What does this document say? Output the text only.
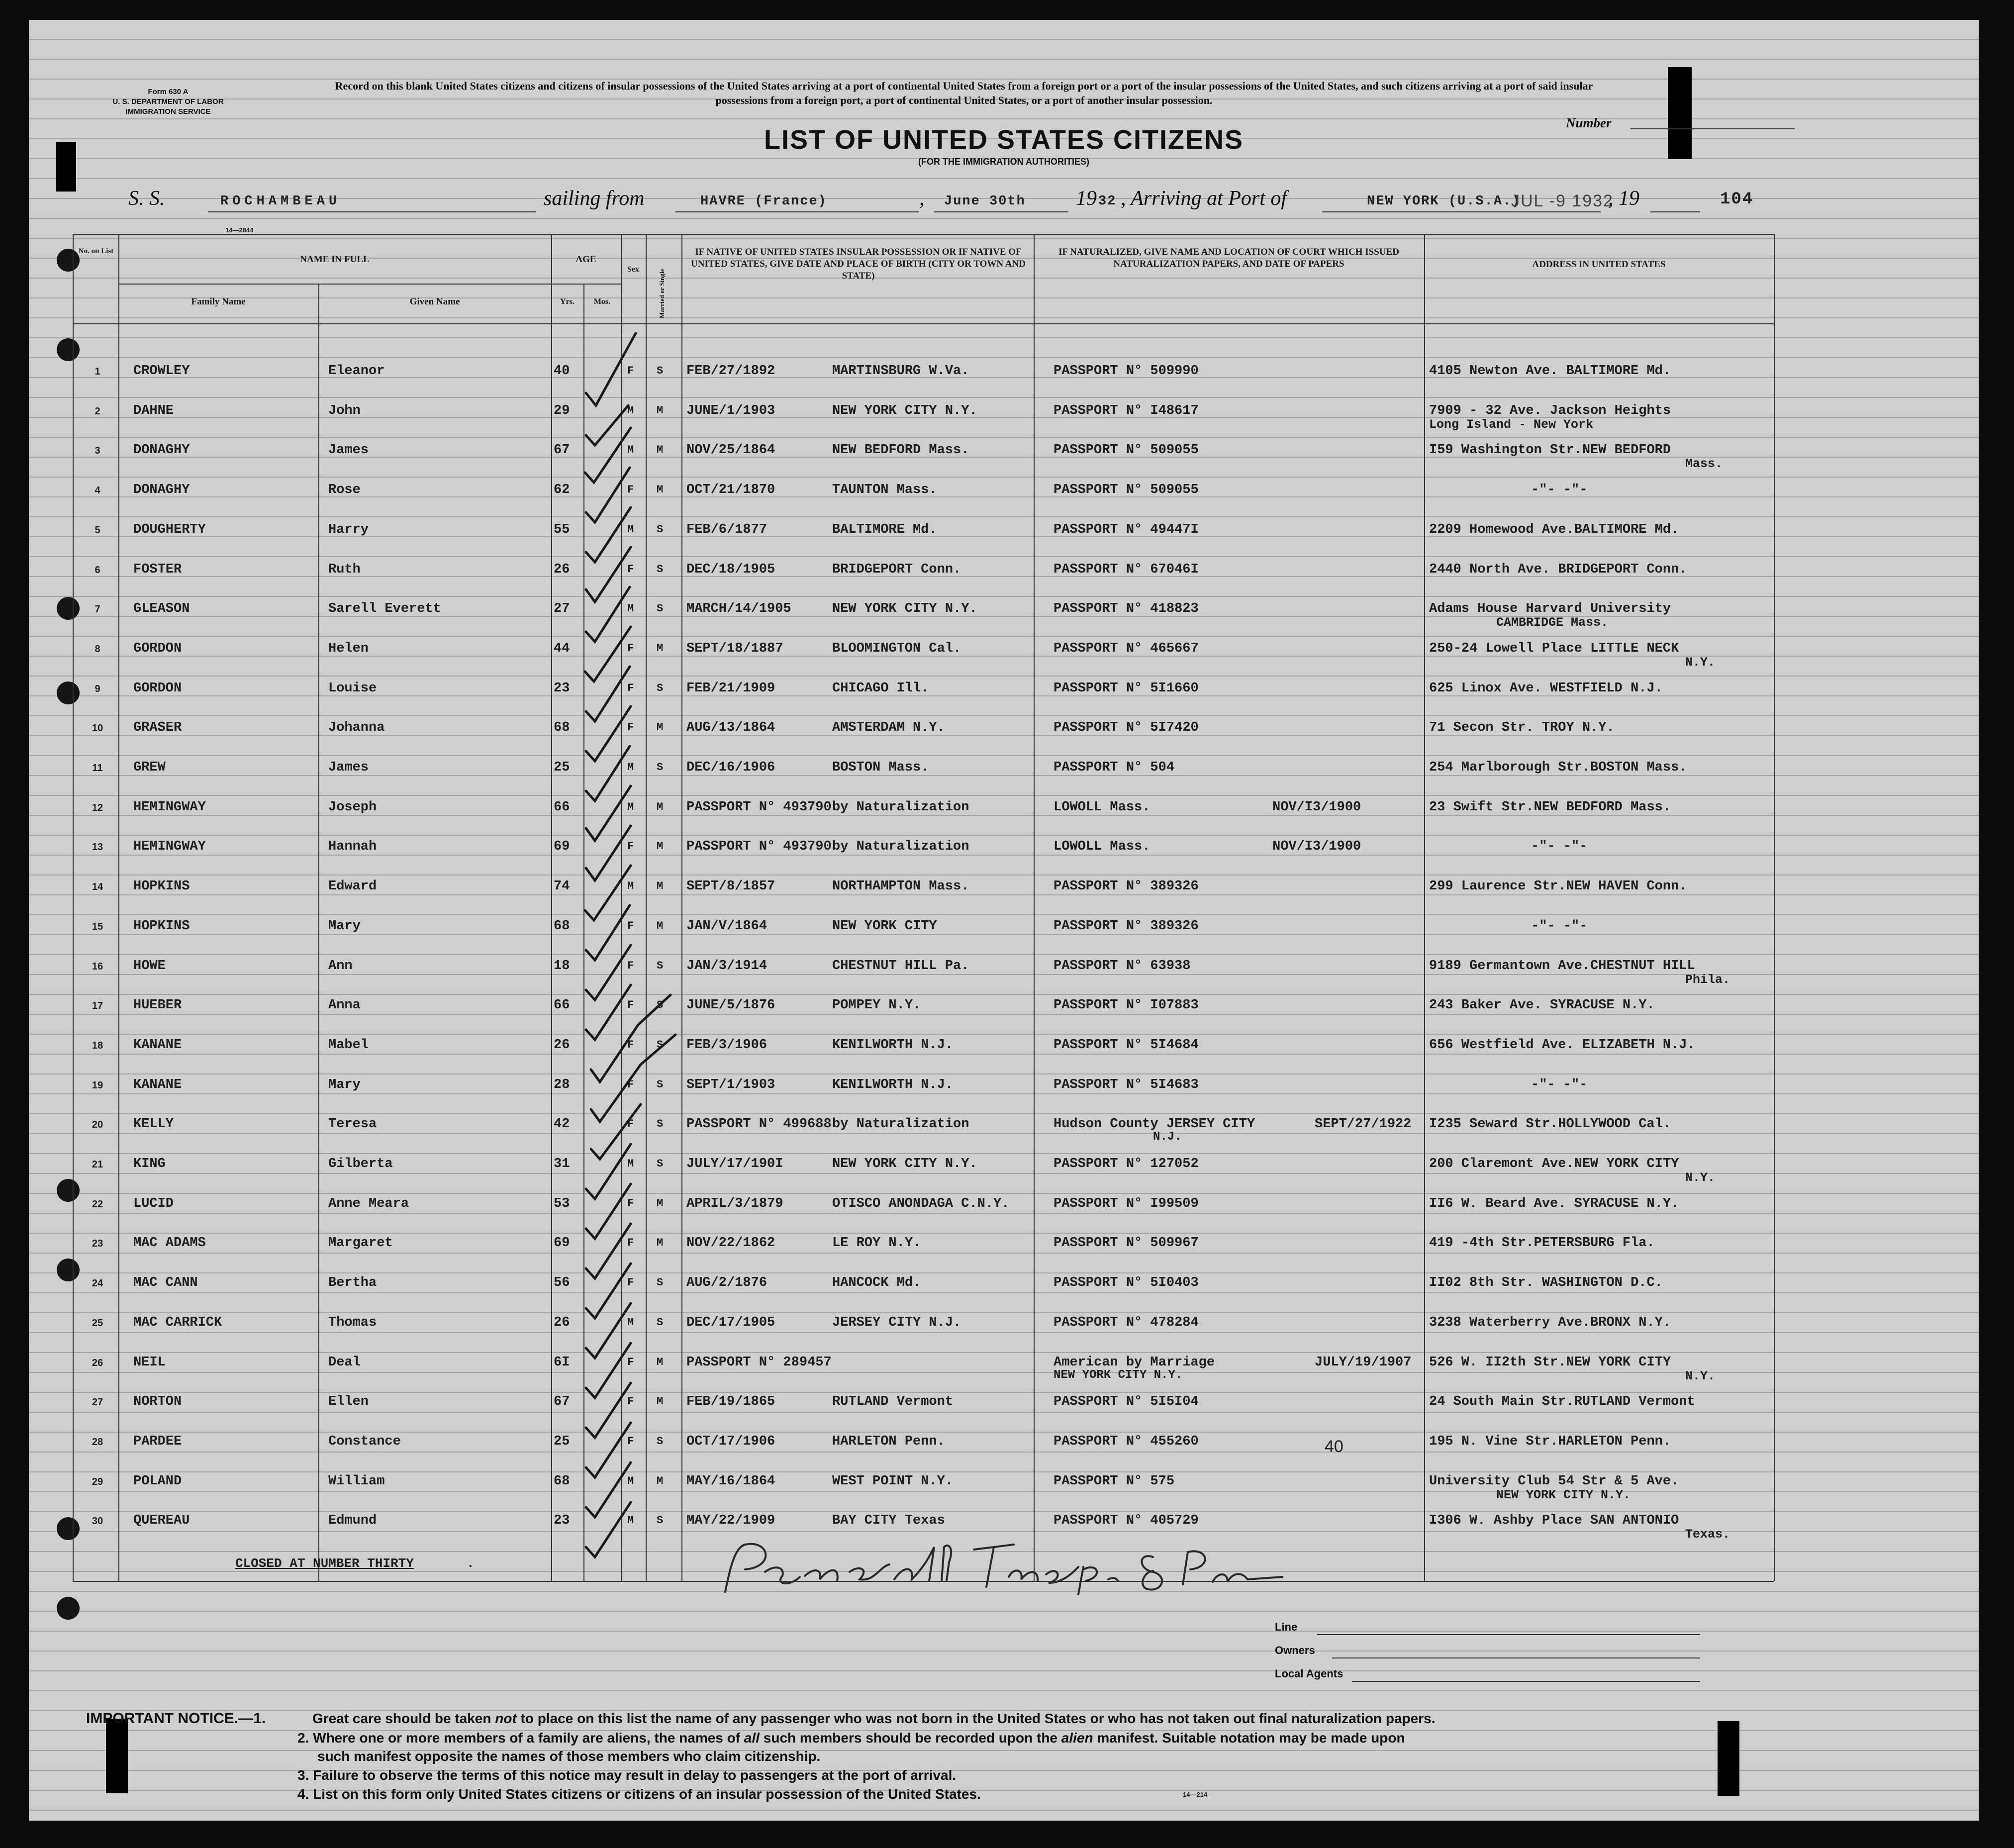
Form 630 A
U. S. DEPARTMENT OF LABOR
IMMIGRATION SERVICE
Record on this blank United States citizens and citizens of insular possessions of the United States arriving at a port of continental United States from a foreign port or a port of the insular possessions of the United States, and such citizens arriving at a port of said insular possessions from a foreign port, a port of continental United States, or a port of another insular possession.
Number
LIST OF UNITED STATES CITIZENS
(FOR THE IMMIGRATION AUTHORITIES)
S. S.	ROCHAMBEAU	sailing from	HAVRE (France)	, June 30th 19 32 , Arriving at Port of	NEW YORK (U.S.A.)
JUL -9 1932
, 19	104
14—2844
No. on List
NAME IN FULL
Family Name	Given Name
AGE
Yrs.	Mos.
Sex	Married or Single
IF NATIVE OF UNITED STATES INSULAR POSSESSION OR IF NATIVE OF UNITED STATES, GIVE DATE AND PLACE OF BIRTH (CITY OR TOWN AND STATE)
IF NATURALIZED, GIVE NAME AND LOCATION OF COURT WHICH ISSUED NATURALIZATION PAPERS, AND DATE OF PAPERS	ADDRESS IN UNITED STATES
1	CROWLEY	Eleanor	40	F S FEB/27/1892	MARTINSBURG W.Va.	PASSPORT N° 509990	4105 Newton Ave. BALTIMORE Md.
2	DAHNE	John	29	M M JUNE/1/1903	NEW YORK CITY N.Y.	PASSPORT N° I48617	7909 - 32 Ave. Jackson Heights
Long Island - New York
3	DONAGHY	James	67	M M NOV/25/1864	NEW BEDFORD Mass.	PASSPORT N° 509055	I59 Washington Str.NEW BEDFORD
Mass.
4	DONAGHY	Rose	62	F M OCT/21/1870	TAUNTON Mass.	PASSPORT N° 509055	-"- -"-
5	DOUGHERTY	Harry	55	M S FEB/6/1877	BALTIMORE Md.	PASSPORT N° 49447I	2209 Homewood Ave.BALTIMORE Md.
6	FOSTER	Ruth	26	F S DEC/18/1905	BRIDGEPORT Conn.	PASSPORT N° 67046I	2440 North Ave. BRIDGEPORT Conn.
7	GLEASON	Sarell Everett	27	M S MARCH/14/1905	NEW YORK CITY N.Y.	PASSPORT N° 418823	Adams House Harvard University
CAMBRIDGE Mass.
8	GORDON	Helen	44	F M SEPT/18/1887	BLOOMINGTON Cal.	PASSPORT N° 465667	250-24 Lowell Place LITTLE NECK
N.Y.
9	GORDON	Louise	23	F S FEB/21/1909	CHICAGO Ill.	PASSPORT N° 5I1660	625 Linox Ave. WESTFIELD N.J.
10	GRASER	Johanna	68	F M AUG/13/1864	AMSTERDAM N.Y.	PASSPORT N° 5I7420	71 Secon Str. TROY N.Y.
11	GREW	James	25	M S DEC/16/1906	BOSTON Mass.	PASSPORT N° 504	254 Marlborough Str.BOSTON Mass.
12	HEMINGWAY	Joseph	66	M M PASSPORT N° 493790 by Naturalization	LOWOLL Mass.	NOV/I3/1900	23 Swift Str.NEW BEDFORD Mass.
13	HEMINGWAY	Hannah	69	F M PASSPORT N° 493790 by Naturalization	LOWOLL Mass.	NOV/I3/1900	-"- -"-
14	HOPKINS	Edward	74	M M SEPT/8/1857	NORTHAMPTON Mass.	PASSPORT N° 389326	299 Laurence Str.NEW HAVEN Conn.
15	HOPKINS	Mary	68	F M JAN/V/1864	NEW YORK CITY	PASSPORT N° 389326	-"- -"-
16	HOWE	Ann	18	F S JAN/3/1914	CHESTNUT HILL Pa.	PASSPORT N° 63938	9189 Germantown Ave.CHESTNUT HILL
Phila.
17	HUEBER	Anna	66	F S JUNE/5/1876	POMPEY N.Y.	PASSPORT N° I07883	243 Baker Ave. SYRACUSE N.Y.
18	KANANE	Mabel	26	F S FEB/3/1906	KENILWORTH N.J.	PASSPORT N° 5I4684	656 Westfield Ave. ELIZABETH N.J.
19	KANANE	Mary	28	F S SEPT/1/1903	KENILWORTH N.J.	PASSPORT N° 5I4683	-"- -"-
20	KELLY	Teresa	42	F S PASSPORT N° 499688 by Naturalization	Hudson County JERSEY CITY	SEPT/27/1922 I235 Seward Str.HOLLYWOOD Cal.
N.J.
21	KING	Gilberta	31	M S JULY/17/190I	NEW YORK CITY N.Y.	PASSPORT N° 127052	200 Claremont Ave.NEW YORK CITY
N.Y.
22	LUCID	Anne Meara	53	F M APRIL/3/1879	OTISCO ANONDAGA C.N.Y.	PASSPORT N° I99509	II6 W. Beard Ave. SYRACUSE N.Y.
23	MAC ADAMS	Margaret	69	F M NOV/22/1862	LE ROY N.Y.	PASSPORT N° 509967	419 -4th Str.PETERSBURG Fla.
24	MAC CANN	Bertha	56	F S AUG/2/1876	HANCOCK Md.	PASSPORT N° 5I0403	II02 8th Str. WASHINGTON D.C.
25	MAC CARRICK	Thomas	26	M S DEC/17/1905	JERSEY CITY N.J.	PASSPORT N° 478284	3238 Waterberry Ave.BRONX N.Y.
26	NEIL	Deal	6I	F M PASSPORT N° 289457	American by Marriage	JULY/19/1907 526 W. II2th Str.NEW YORK CITY
NEW YORK CITY N.Y.	N.Y.
27	NORTON	Ellen	67	F M FEB/19/1865	RUTLAND Vermont	PASSPORT N° 5I5I04	24 South Main Str.RUTLAND Vermont
28	PARDEE	Constance	25	F S OCT/17/1906	HARLETON Penn.	PASSPORT N° 455260	195 N. Vine Str.HARLETON Penn.
40
29	POLAND	William	68	M M MAY/16/1864	WEST POINT N.Y.	PASSPORT N° 575	University Club 54 Str & 5 Ave.
NEW YORK CITY N.Y.
30	QUEREAU	Edmund	23	M S MAY/22/1909	BAY CITY Texas	PASSPORT N° 405729	I306 W. Ashby Place SAN ANTONIO
Texas.
CLOSED AT NUMBER THIRTY	.
Line
Owners
Local Agents
IMPORTANT NOTICE.—1.	Great care should be taken not to place on this list the name of any passenger who was not born in the United States or who has not taken out final naturalization papers.
2. Where one or more members of a family are aliens, the names of all such members should be recorded upon the alien manifest. Suitable notation may be made upon
such manifest opposite the names of those members who claim citizenship.
3. Failure to observe the terms of this notice may result in delay to passengers at the port of arrival.
4. List on this form only United States citizens or citizens of an insular possession of the United States.	14—214
